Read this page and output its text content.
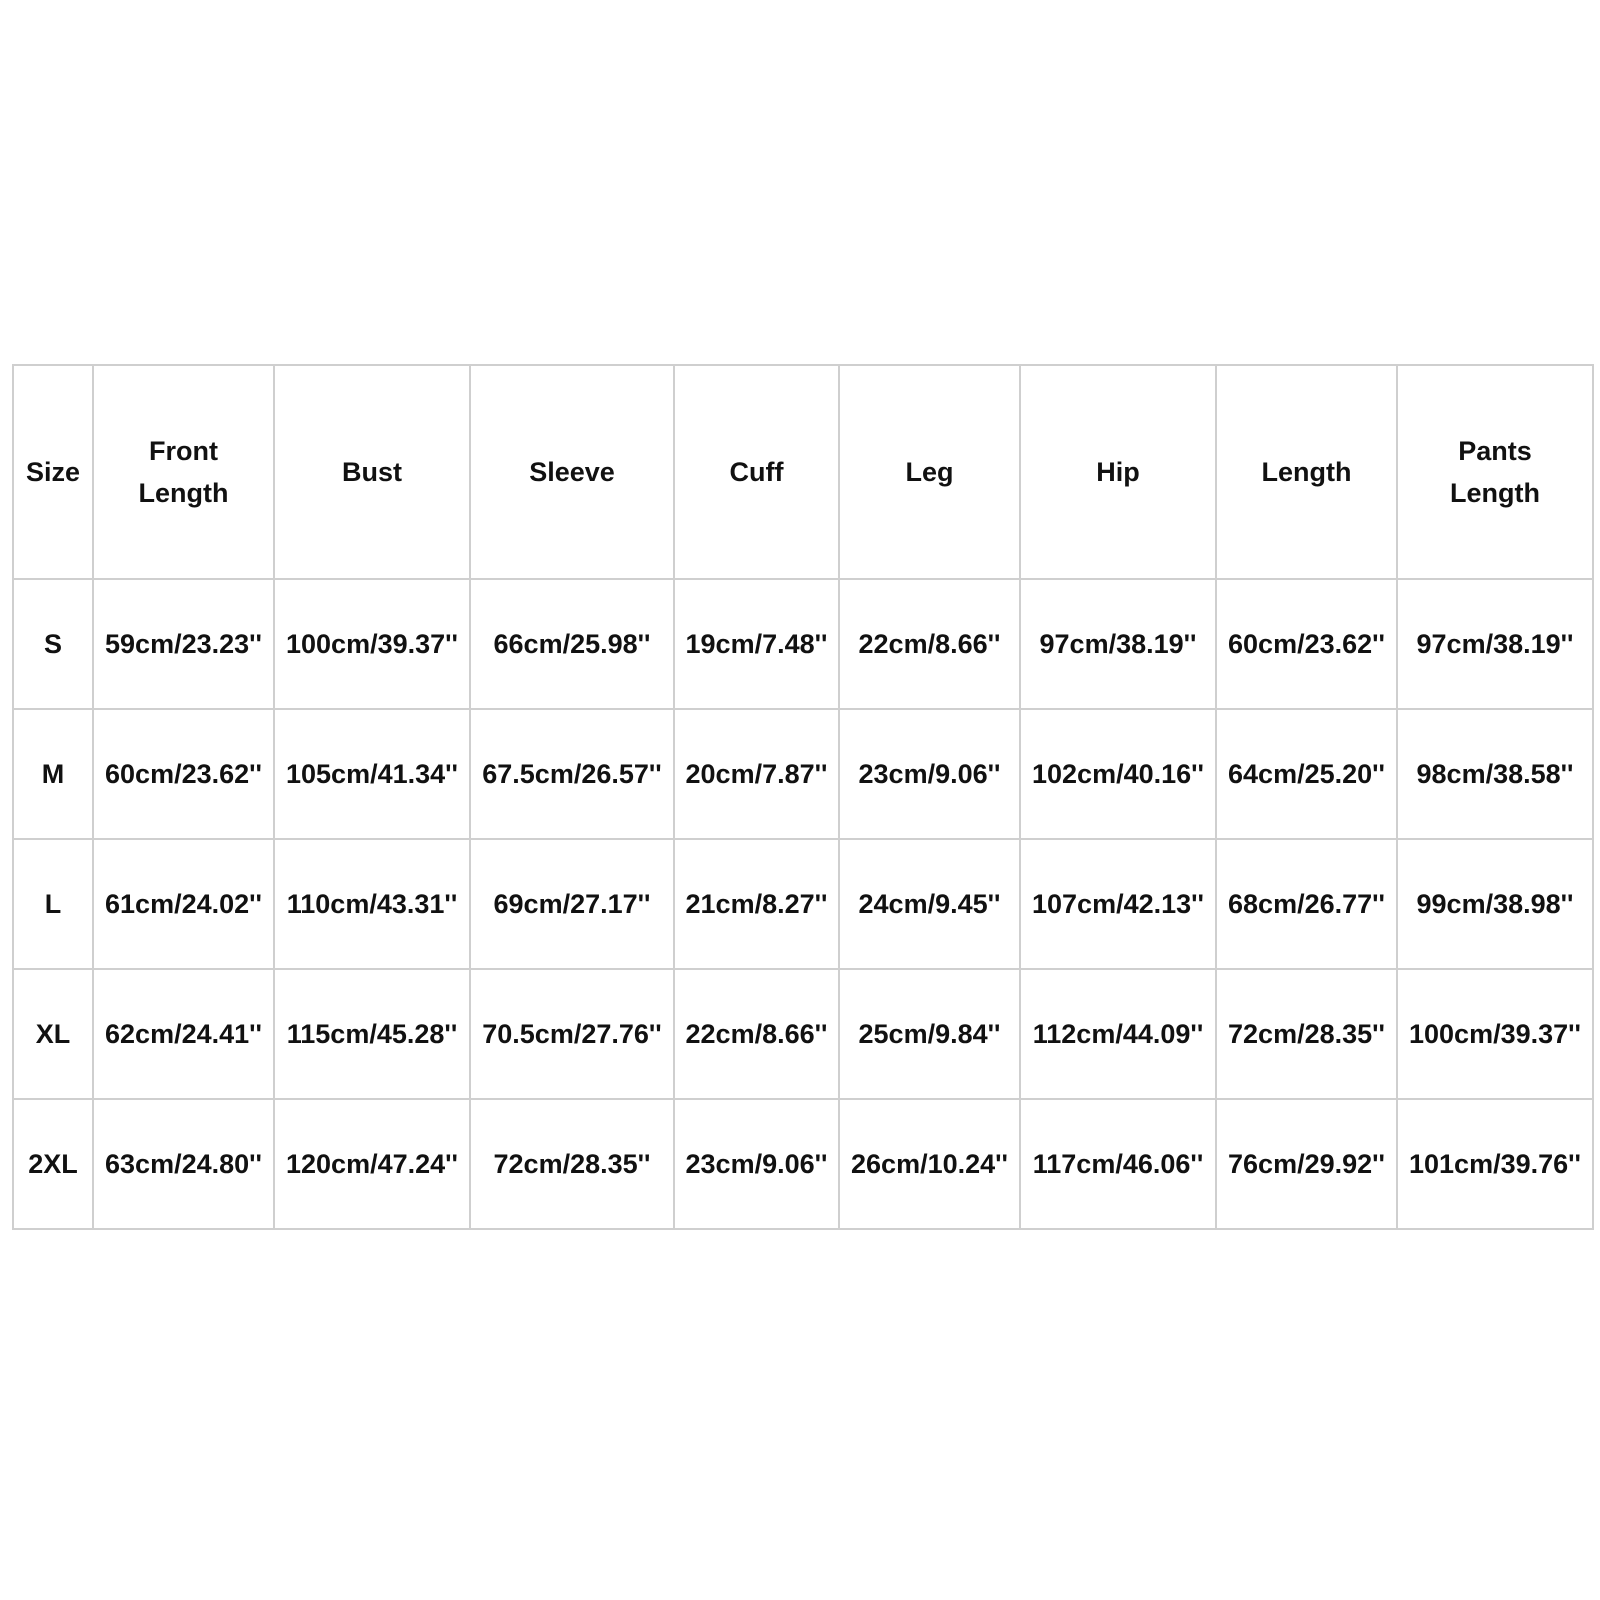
Size	Front Length	Bust	Sleeve	Cuff	Leg	Hip	Length	Pants Length
S	59cm/23.23''	100cm/39.37''	66cm/25.98''	19cm/7.48''	22cm/8.66''	97cm/38.19''	60cm/23.62''	97cm/38.19''
M	60cm/23.62''	105cm/41.34''	67.5cm/26.57''	20cm/7.87''	23cm/9.06''	102cm/40.16''	64cm/25.20''	98cm/38.58''
L	61cm/24.02''	110cm/43.31''	69cm/27.17''	21cm/8.27''	24cm/9.45''	107cm/42.13''	68cm/26.77''	99cm/38.98''
XL	62cm/24.41''	115cm/45.28''	70.5cm/27.76''	22cm/8.66''	25cm/9.84''	112cm/44.09''	72cm/28.35''	100cm/39.37''
2XL	63cm/24.80''	120cm/47.24''	72cm/28.35''	23cm/9.06''	26cm/10.24''	117cm/46.06''	76cm/29.92''	101cm/39.76''
